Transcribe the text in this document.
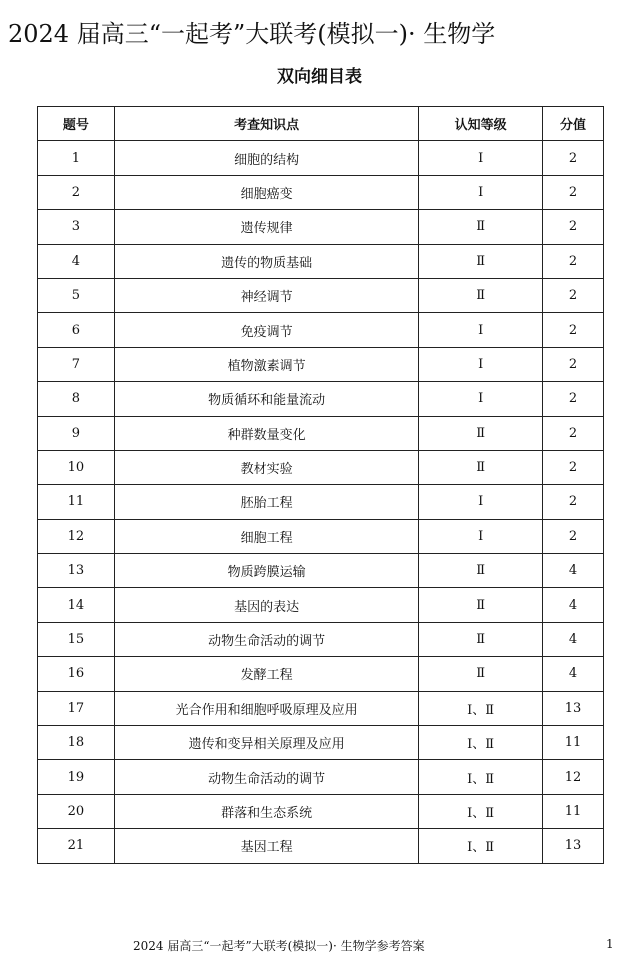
2024 届高三“一起考”大联考(模拟一)· 生物学
双向细目表
题号	考查知识点	认知等级	分值
1	细胞的结构	Ⅰ	2
2	细胞癌变	Ⅰ	2
3	遗传规律	Ⅱ	2
4	遗传的物质基础	Ⅱ	2
5	神经调节	Ⅱ	2
6	免疫调节	Ⅰ	2
7	植物激素调节	Ⅰ	2
8	物质循环和能量流动	Ⅰ	2
9	种群数量变化	Ⅱ	2
10	教材实验	Ⅱ	2
11	胚胎工程	Ⅰ	2
12	细胞工程	Ⅰ	2
13	物质跨膜运输	Ⅱ	4
14	基因的表达	Ⅱ	4
15	动物生命活动的调节	Ⅱ	4
16	发酵工程	Ⅱ	4
17	光合作用和细胞呼吸原理及应用	Ⅰ、Ⅱ	13
18	遗传和变异相关原理及应用	Ⅰ、Ⅱ	11
19	动物生命活动的调节	Ⅰ、Ⅱ	12
20	群落和生态系统	Ⅰ、Ⅱ	11
21	基因工程	Ⅰ、Ⅱ	13
2024 届高三“一起考”大联考(模拟一)· 生物学参考答案	1
